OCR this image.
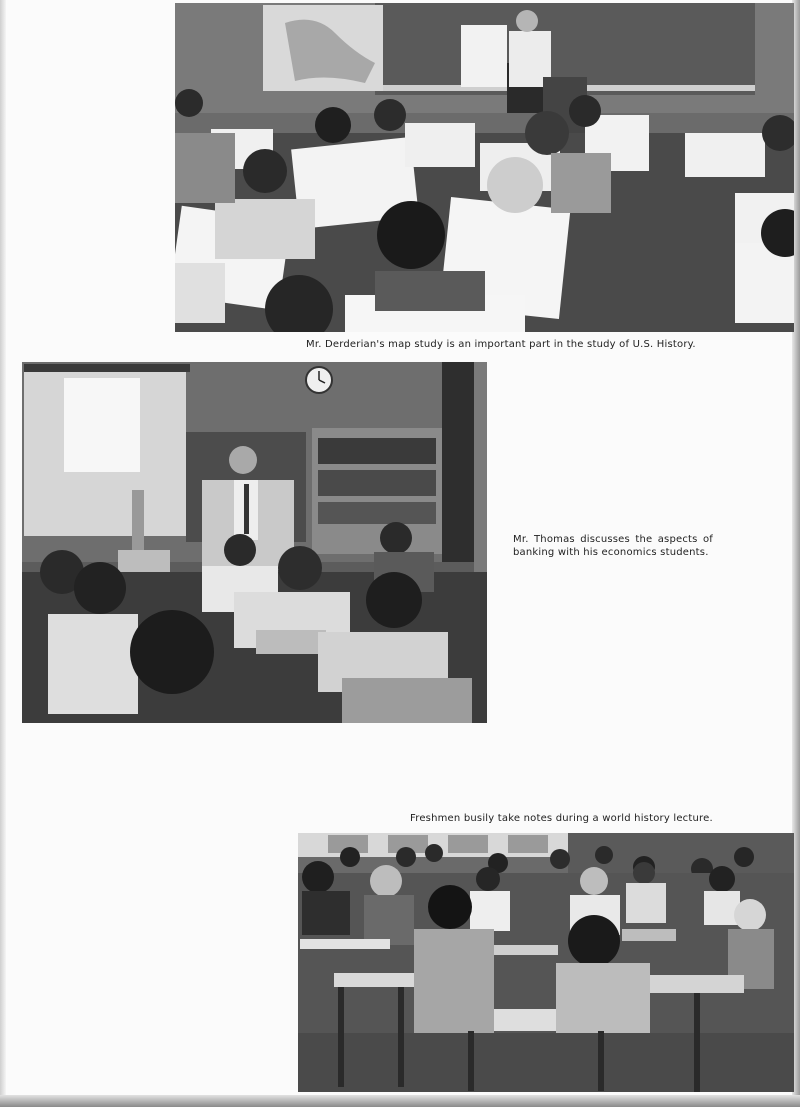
Mr. Derderian's map study is an important part in the study of U.S. History.
Mr. Thomas discusses the aspects of banking with his economics students.
Freshmen busily take notes during a world history lecture.
